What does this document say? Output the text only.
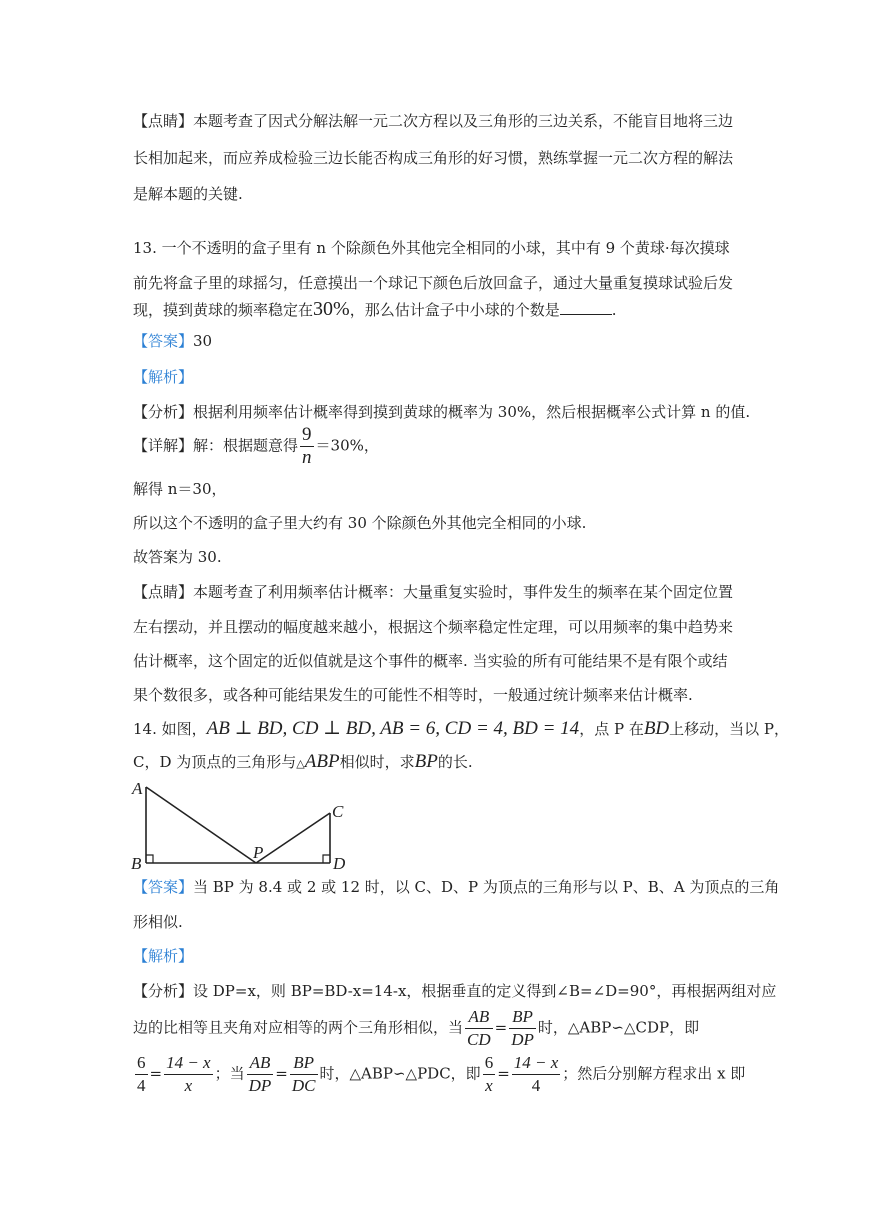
【点睛】本题考查了因式分解法解一元二次方程以及三角形的三边关系，不能盲目地将三边
长相加起来，而应养成检验三边长能否构成三角形的好习惯，熟练掌握一元二次方程的解法
是解本题的关键.
13. 一个不透明的盒子里有 n 个除颜色外其他完全相同的小球，其中有 9 个黄球·每次摸球
前先将盒子里的球摇匀，任意摸出一个球记下颜色后放回盒子，通过大量重复摸球试验后发
现，摸到黄球的频率稳定在30%，那么估计盒子中小球的个数是	.
【答案】30
【解析】
【分析】根据利用频率估计概率得到摸到黄球的概率为 30%，然后根据概率公式计算 n 的值.
【详解】解：根据题意得 $\frac{9}{n} =30\%$，
解得 n＝30，
所以这个不透明的盒子里大约有 30 个除颜色外其他完全相同的小球.
故答案为 30.
【点睛】本题考查了利用频率估计概率：大量重复实验时，事件发生的频率在某个固定位置
左右摆动，并且摆动的幅度越来越小，根据这个频率稳定性定理，可以用频率的集中趋势来
估计概率，这个固定的近似值就是这个事件的概率. 当实验的所有可能结果不是有限个或结
果个数很多，或各种可能结果发生的可能性不相等时，一般通过统计频率来估计概率.
14. 如图，AB ⊥ BD, CD ⊥ BD, AB = 6, CD = 4, BD = 14，点 P 在BD上移动，当以 P，
C，D 为顶点的三角形与△ABP相似时，求BP的长.
A
B
C
D
P
【答案】当 BP 为 8.4 或 2 或 12 时，以 C、D、P 为顶点的三角形与以 P、B、A 为顶点的三角
形相似.
【解析】
【分析】设 DP=x，则 BP=BD-x=14-x，根据垂直的定义得到∠B=∠D=90°，再根据两组对应
边的比相等且夹角对应相等的两个三角形相似，当 $\frac{AB}{CD} = \frac{BP}{DP}$ 时，△ABP∽△CDP，即
$\frac{6}{4} = \frac{14 - x}{x}$ ；当 $\frac{AB}{DP} = \frac{BP}{DC}$ 时，△ABP∽△PDC，即 $\frac{6}{x} = \frac{14 - x}{4}$ ；然后分别解方程求出 x 即
